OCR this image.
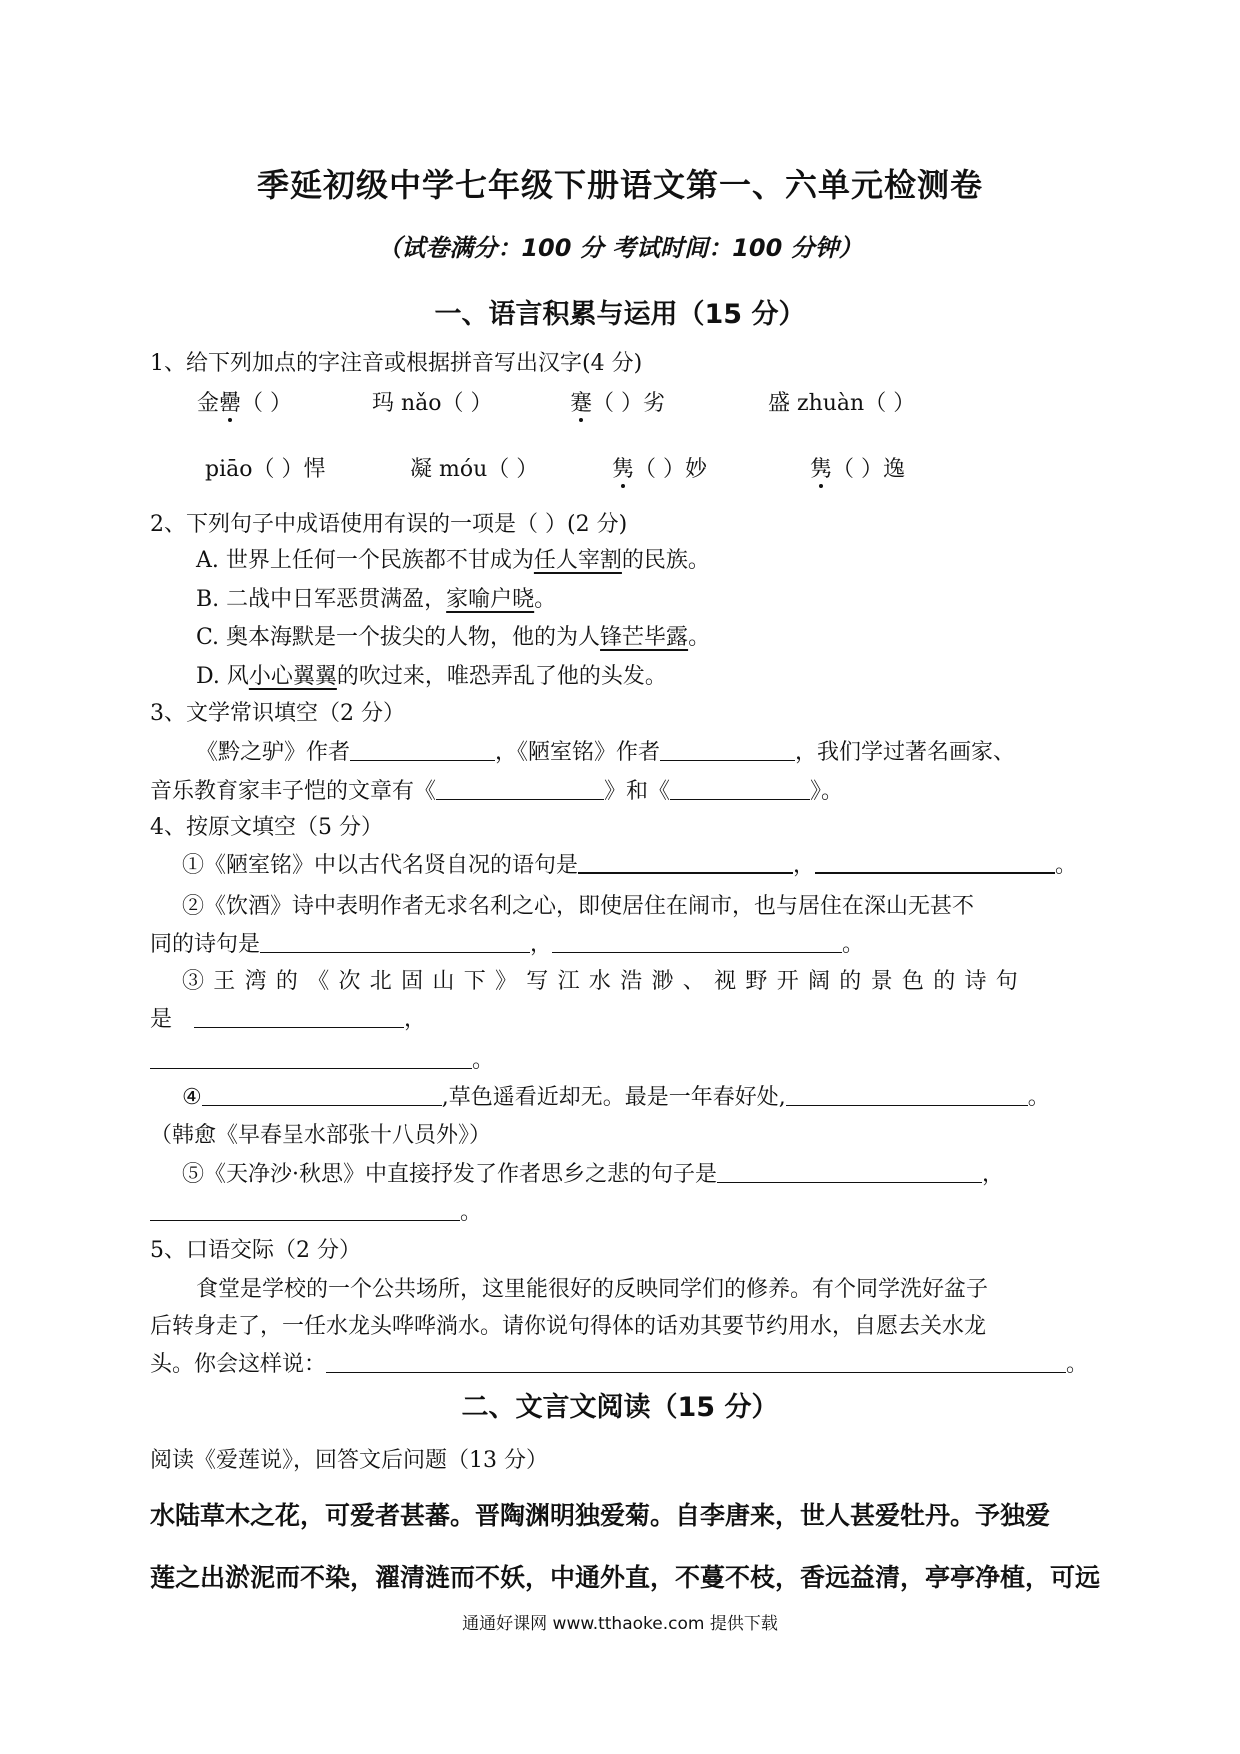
季延初级中学七年级下册语文第一、六单元检测卷
（试卷满分：100 分 考试时间：100 分钟）
一、语言积累与运用（15 分）
1、给下列加点的字注音或根据拼音写出汉字(4 分)
金罍（ ）	玛 nǎo（ ）	蹇（ ）劣	盛 zhuàn（ ）
piāo（ ）悍	凝 móu（ ）	隽（ ）妙	隽（ ）逸
2、下列句子中成语使用有误的一项是（ ）(2 分)
A. 世界上任何一个民族都不甘成为任人宰割的民族。
B. 二战中日军恶贯满盈，家喻户晓。
C. 奥本海默是一个拔尖的人物，他的为人锋芒毕露。
D. 风小心翼翼的吹过来，唯恐弄乱了他的头发。
3、文学常识填空（2 分）
《黔之驴》作者	，《陋室铭》作者	，我们学过著名画家、
音乐教育家丰子恺的文章有《	》和《	》。
4、按原文填空（5 分）
①《陋室铭》中以古代名贤自况的语句是	，	。
②《饮酒》诗中表明作者无求名利之心，即使居住在闹市，也与居住在深山无甚不
同的诗句是	，	。
③王湾的《次北固山下》写江水浩渺、视野开阔的景色的诗句
是	，
。
④	,草色遥看近却无。最是一年春好处,	。
（韩愈《早春呈水部张十八员外》）
⑤《天净沙·秋思》中直接抒发了作者思乡之悲的句子是	，
。
5、口语交际（2 分）
食堂是学校的一个公共场所，这里能很好的反映同学们的修养。有个同学洗好盆子
后转身走了，一任水龙头哗哗淌水。请你说句得体的话劝其要节约用水，自愿去关水龙
头。你会这样说：	。
二、文言文阅读（15 分）
阅读《爱莲说》，回答文后问题（13 分）
水陆草木之花，可爱者甚蕃。晋陶渊明独爱菊。自李唐来，世人甚爱牡丹。予独爱
莲之出淤泥而不染，濯清涟而不妖，中通外直，不蔓不枝，香远益清，亭亭净植，可远
通通好课网 www.tthaoke.com 提供下载
